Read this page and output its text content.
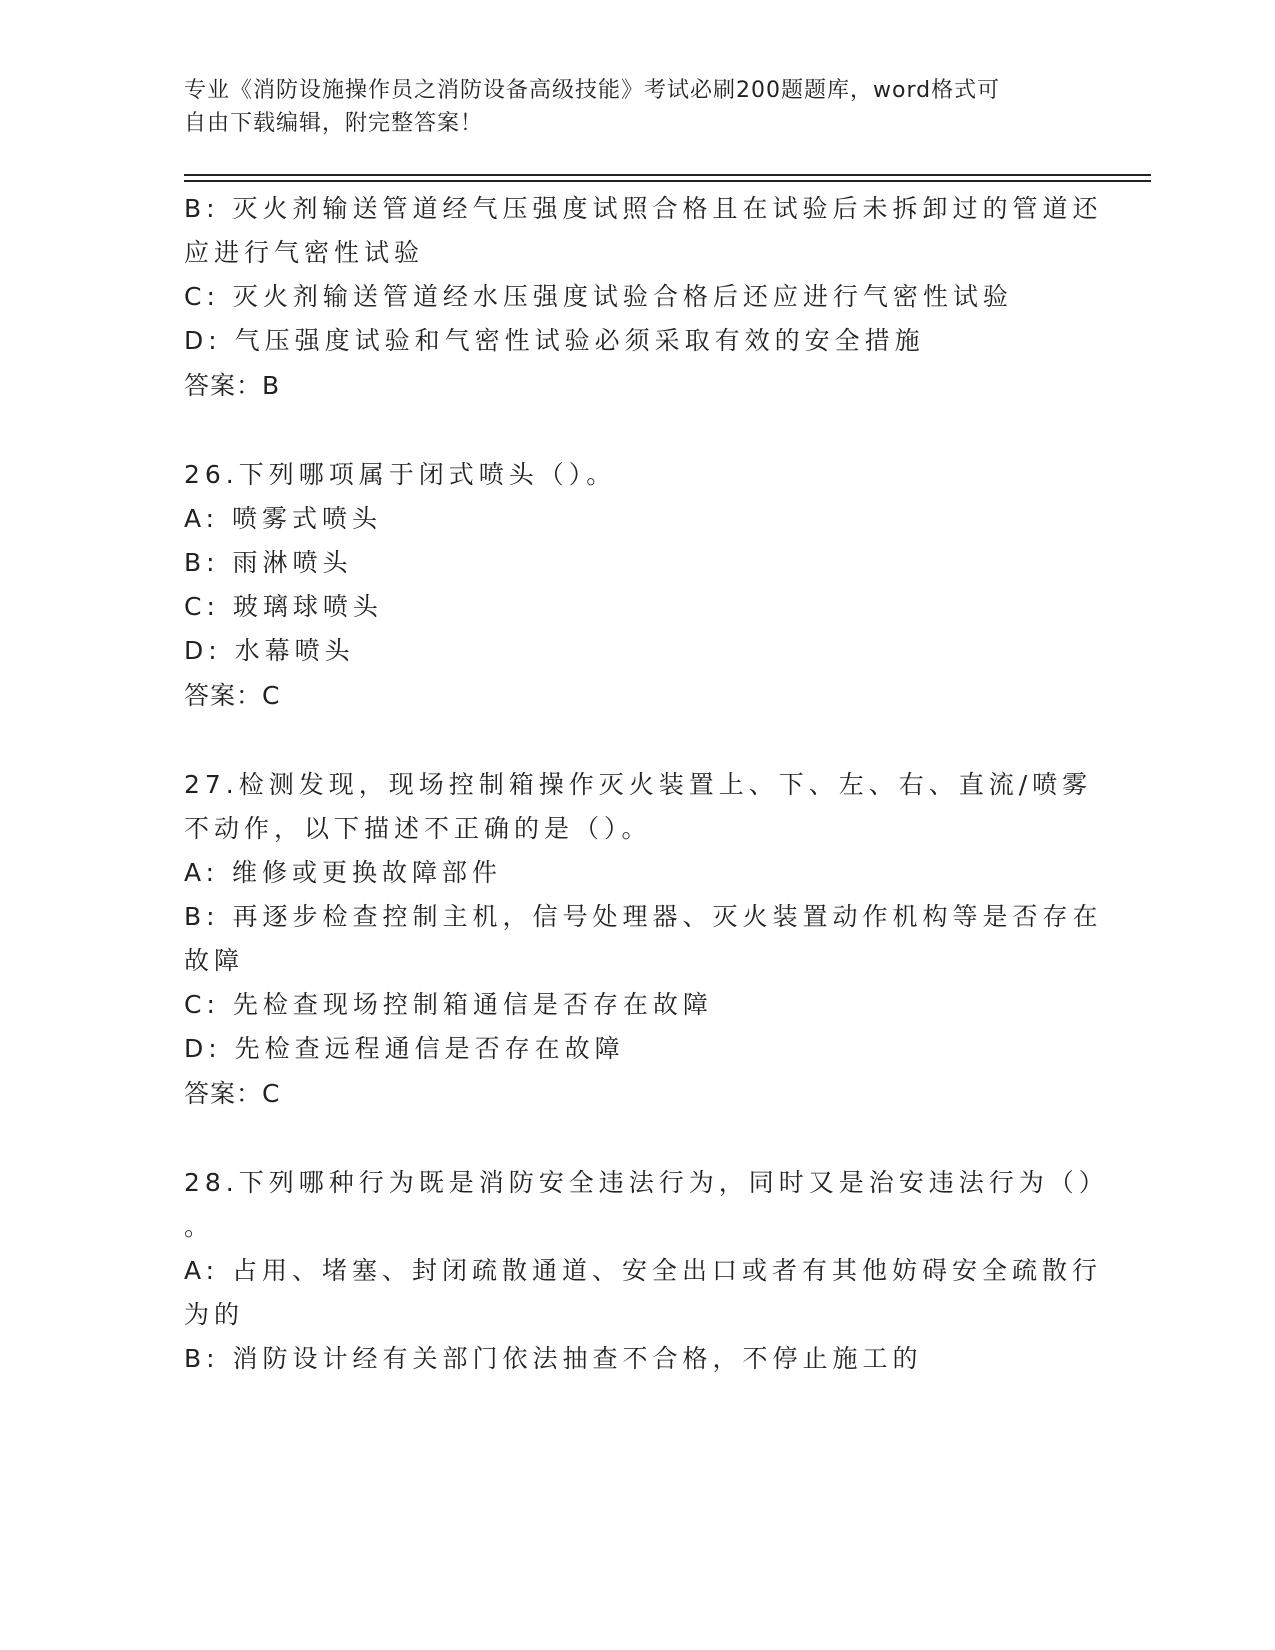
专业《消防设施操作员之消防设备高级技能》考试必刷200题题库，word格式可
自由下载编辑，附完整答案！

B: 灭火剂输送管道经气压强度试照合格且在试验后未拆卸过的管道还

应进行气密性试验

C: 灭火剂输送管道经水压强度试验合格后还应进行气密性试验

D: 气压强度试验和气密性试验必须采取有效的安全措施

答案：B

26.下列哪项属于闭式喷头（）。

A: 喷雾式喷头

B: 雨淋喷头

C: 玻璃球喷头

D: 水幕喷头

答案：C

27.检测发现，现场控制箱操作灭火装置上、下、左、右、直流/喷雾

不动作，以下描述不正确的是（）。

A: 维修或更换故障部件

B: 再逐步检查控制主机，信号处理器、灭火装置动作机构等是否存在

故障

C: 先检查现场控制箱通信是否存在故障

D: 先检查远程通信是否存在故障

答案：C

28.下列哪种行为既是消防安全违法行为，同时又是治安违法行为（）

。

A: 占用、堵塞、封闭疏散通道、安全出口或者有其他妨碍安全疏散行

为的

B: 消防设计经有关部门依法抽查不合格，不停止施工的
